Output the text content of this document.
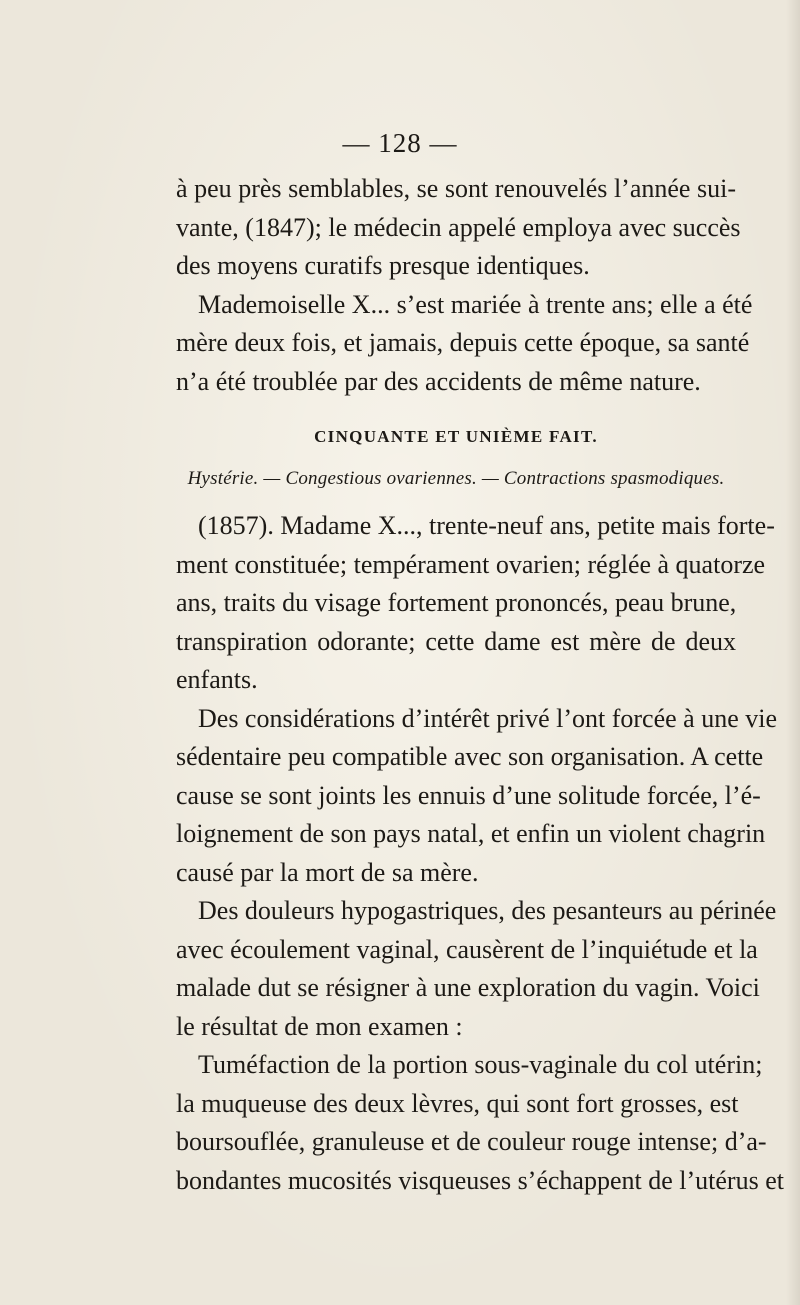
— 128 —
à peu près semblables, se sont renouvelés l’année sui-
vante, (1847); le médecin appelé employa avec succès
des moyens curatifs presque identiques.
Mademoiselle X... s’est mariée à trente ans; elle a été
mère deux fois, et jamais, depuis cette époque, sa santé
n’a été troublée par des accidents de même nature.
CINQUANTE ET UNIÈME FAIT.
Hystérie. — Congestious ovariennes. — Contractions spasmodiques.
(1857). Madame X..., trente-neuf ans, petite mais forte-
ment constituée; tempérament ovarien; réglée à quatorze
ans, traits du visage fortement prononcés, peau brune,
transpiration odorante; cette dame est mère de deux
enfants.
Des considérations d’intérêt privé l’ont forcée à une vie
sédentaire peu compatible avec son organisation. A cette
cause se sont joints les ennuis d’une solitude forcée, l’é-
loignement de son pays natal, et enfin un violent chagrin
causé par la mort de sa mère.
Des douleurs hypogastriques, des pesanteurs au périnée
avec écoulement vaginal, causèrent de l’inquiétude et la
malade dut se résigner à une exploration du vagin. Voici
le résultat de mon examen :
Tuméfaction de la portion sous-vaginale du col utérin;
la muqueuse des deux lèvres, qui sont fort grosses, est
boursouflée, granuleuse et de couleur rouge intense; d’a-
bondantes mucosités visqueuses s’échappent de l’utérus et
